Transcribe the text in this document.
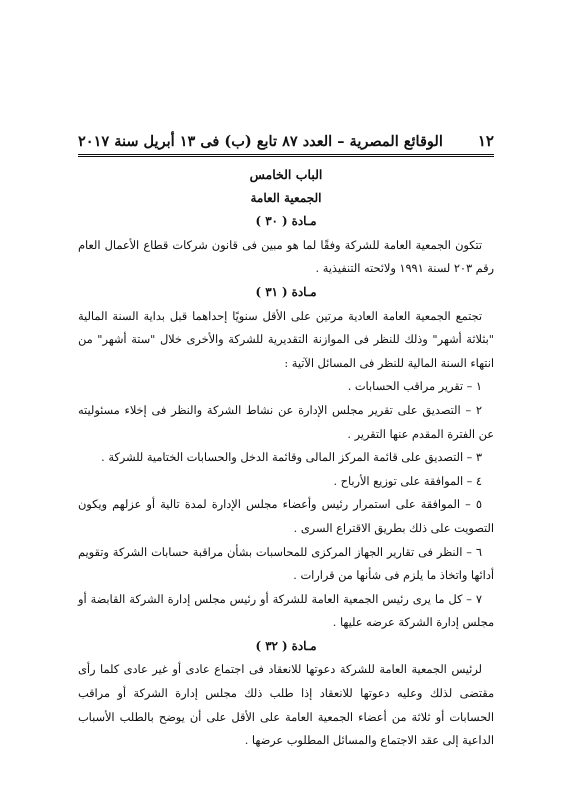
١٢
الوقائع المصرية – العدد ٨٧ تابع (ب) فى ١٣ أبريل سنة ٢٠١٧
الباب الخامس
الجمعية العامة
مـادة ( ٣٠ )
تتكون الجمعية العامة للشركة وفقًا لما هو مبين فى قانون شركات قطاع الأعمال العام رقم ٢٠٣ لسنة ١٩٩١ ولائحته التنفيذية .
مـادة ( ٣١ )
تجتمع الجمعية العامة العادية مرتين على الأقل سنويًا إحداهما قبل بداية السنة المالية "بثلاثة أشهر" وذلك للنظر فى الموازنة التقديرية للشركة والأخرى خلال "ستة أشهر" من انتهاء السنة المالية للنظر فى المسائل الآتية :
١ – تقرير مراقب الحسابات .
٢ – التصديق على تقرير مجلس الإدارة عن نشاط الشركة والنظر فى إخلاء مسئوليته عن الفترة المقدم عنها التقرير .
٣ – التصديق على قائمة المركز المالى وقائمة الدخل والحسابات الختامية للشركة .
٤ – الموافقة على توزيع الأرباح .
٥ – الموافقة على استمرار رئيس وأعضاء مجلس الإدارة لمدة تالية أو عزلهم ويكون التصويت على ذلك بطريق الاقتراع السرى .
٦ – النظر فى تقارير الجهاز المركزى للمحاسبات بشأن مراقبة حسابات الشركة وتقويم أدائها واتخاذ ما يلزم فى شأنها من قرارات .
٧ – كل ما يرى رئيس الجمعية العامة للشركة أو رئيس مجلس إدارة الشركة القابضة أو مجلس إدارة الشركة عرضه عليها .
مـادة ( ٣٢ )
لرئيس الجمعية العامة للشركة دعوتها للانعقاد فى اجتماع عادى أو غير عادى كلما رأى مقتضى لذلك وعليه دعوتها للانعقاد إذا طلب ذلك مجلس إدارة الشركة أو مراقب الحسابات أو ثلاثة من أعضاء الجمعية العامة على الأقل على أن يوضح بالطلب الأسباب الداعية إلى عقد الاجتماع والمسائل المطلوب عرضها .
